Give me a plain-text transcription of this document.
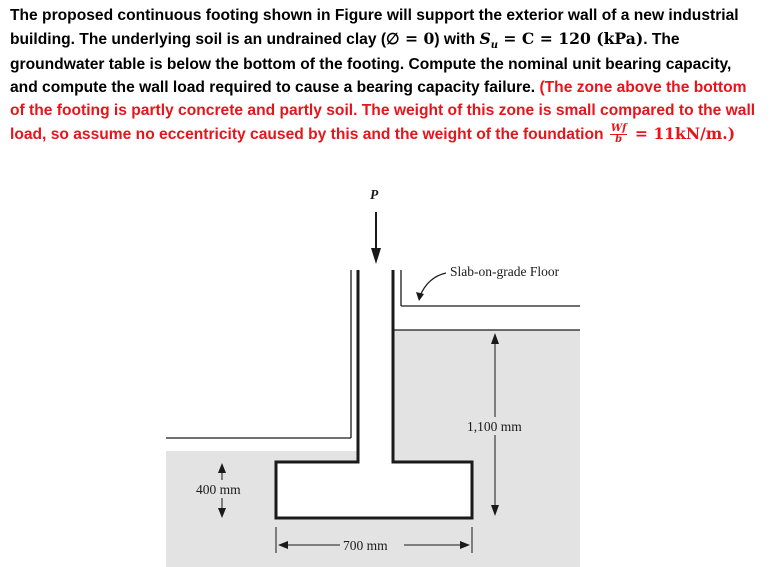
The proposed continuous footing shown in Figure will support the exterior wall of a new industrial building. The underlying soil is an undrained clay (∅ = 0) with $S_u = C = 120$ (kPa). The groundwater table is below the bottom of the footing. Compute the nominal unit bearing capacity, and compute the wall load required to cause a bearing capacity failure. (The zone above the bottom of the footing is partly concrete and partly soil. The weight of this zone is small compared to the wall load, so assume no eccentricity caused by this and the weight of the foundation $\frac{Wf}{b} = 11kN/m$.)

P
Slab-on-grade Floor
1,100 mm
400 mm
700 mm
